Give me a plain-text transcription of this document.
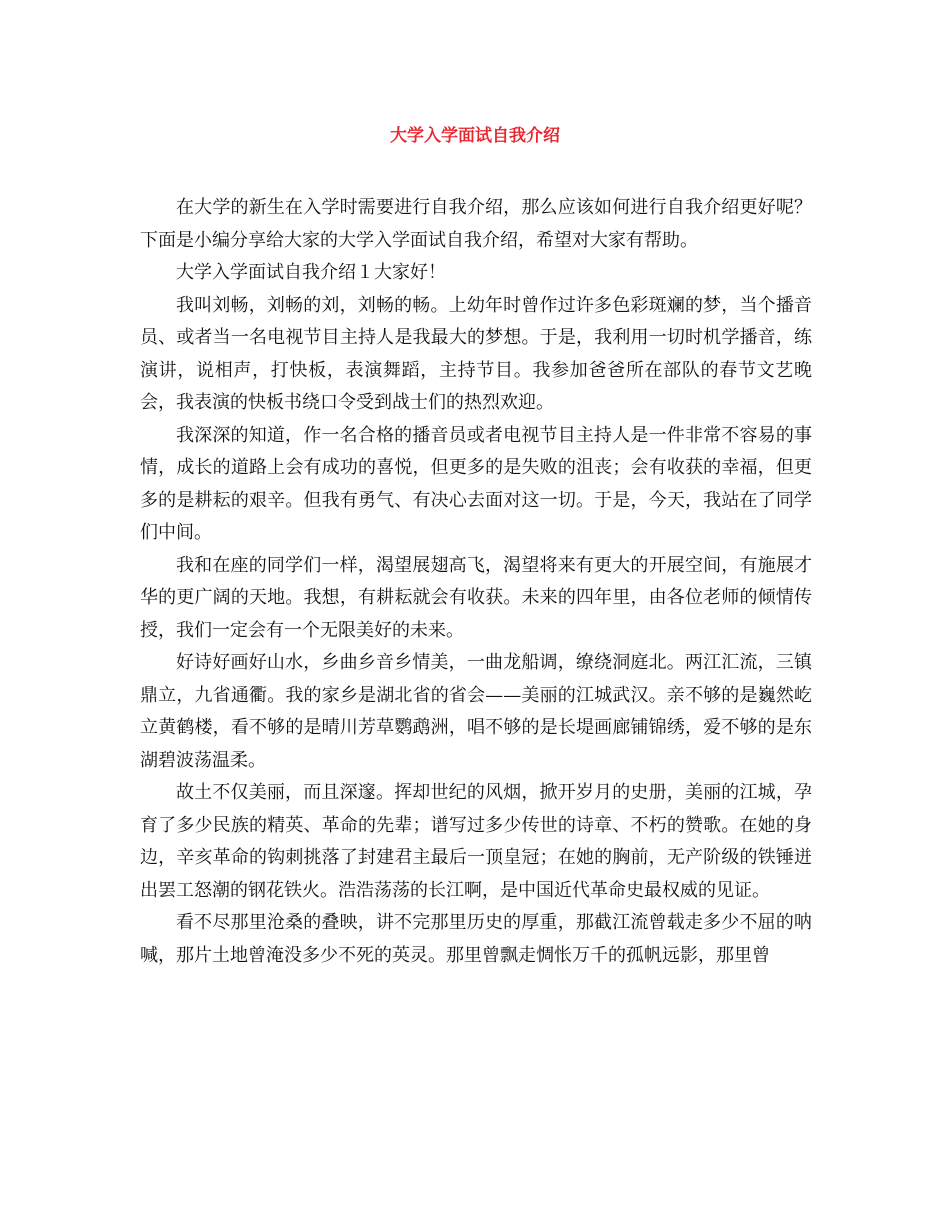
大学入学面试自我介绍

在大学的新生在入学时需要进行自我介绍，那么应该如何进行自我介绍更好呢？下面是小编分享给大家的大学入学面试自我介绍，希望对大家有帮助。

大学入学面试自我介绍１大家好！

我叫刘畅，刘畅的刘，刘畅的畅。上幼年时曾作过许多色彩斑斓的梦，当个播音员、或者当一名电视节目主持人是我最大的梦想。于是，我利用一切时机学播音，练演讲，说相声，打快板，表演舞蹈，主持节目。我参加爸爸所在部队的春节文艺晚会，我表演的快板书绕口令受到战士们的热烈欢迎。

我深深的知道，作一名合格的播音员或者电视节目主持人是一件非常不容易的事情，成长的道路上会有成功的喜悦，但更多的是失败的沮丧；会有收获的幸福，但更多的是耕耘的艰辛。但我有勇气、有决心去面对这一切。于是，今天，我站在了同学们中间。

我和在座的同学们一样，渴望展翅高飞，渴望将来有更大的开展空间，有施展才华的更广阔的天地。我想，有耕耘就会有收获。未来的四年里，由各位老师的倾情传授，我们一定会有一个无限美好的未来。

好诗好画好山水，乡曲乡音乡情美，一曲龙船调，缭绕洞庭北。两江汇流，三镇鼎立，九省通衢。我的家乡是湖北省的省会——美丽的江城武汉。亲不够的是巍然屹立黄鹤楼，看不够的是晴川芳草鹦鹉洲，唱不够的是长堤画廊铺锦绣，爱不够的是东湖碧波荡温柔。

故土不仅美丽，而且深邃。挥却世纪的风烟，掀开岁月的史册，美丽的江城，孕育了多少民族的精英、革命的先辈；谱写过多少传世的诗章、不朽的赞歌。在她的身边，辛亥革命的钩刺挑落了封建君主最后一顶皇冠；在她的胸前，无产阶级的铁锤迸出罢工怒潮的钢花铁火。浩浩荡荡的长江啊，是中国近代革命史最权威的见证。

看不尽那里沧桑的叠映，讲不完那里历史的厚重，那截江流曾载走多少不屈的呐喊，那片土地曾淹没多少不死的英灵。那里曾飘走惆怅万千的孤帆远影，那里曾
